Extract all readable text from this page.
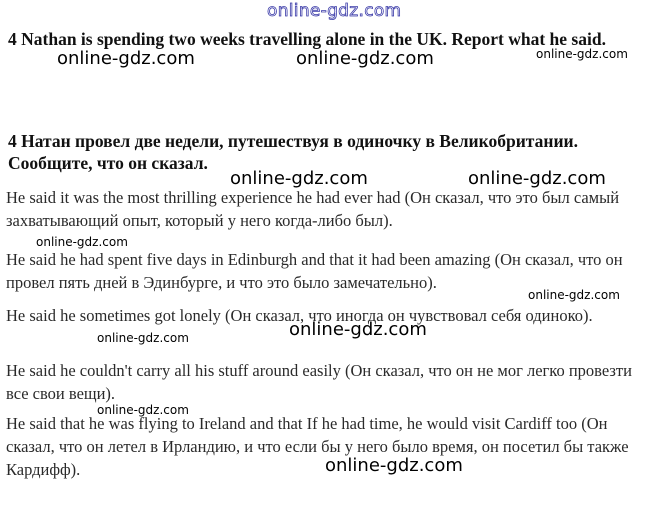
4 Nathan is spending two weeks travelling alone in the UK. Report what he said.

4 Натан провел две недели, путешествуя в одиночку в Великобритании. Сообщите, что он сказал.

He said it was the most thrilling experience he had ever had (Он сказал, что это был самый захватывающий опыт, который у него когда-либо был).

He said he had spent five days in Edinburgh and that it had been amazing (Он сказал, что он провел пять дней в Эдинбурге, и что это было замечательно).

He said he sometimes got lonely (Он сказал, что иногда он чувствовал себя одиноко).

He said he couldn't carry all his stuff around easily (Он сказал, что он не мог легко провезти все свои вещи).

He said that he was flying to Ireland and that If he had time, he would visit Cardiff too (Он сказал, что он летел в Ирландию, и что если бы у него было время, он посетил бы также Кардифф).

online-gdz.com
online-gdz.com	online-gdz.com	online-gdz.com
online-gdz.com	online-gdz.com
online-gdz.com
online-gdz.com
online-gdz.com
online-gdz.com
online-gdz.com
online-gdz.com
